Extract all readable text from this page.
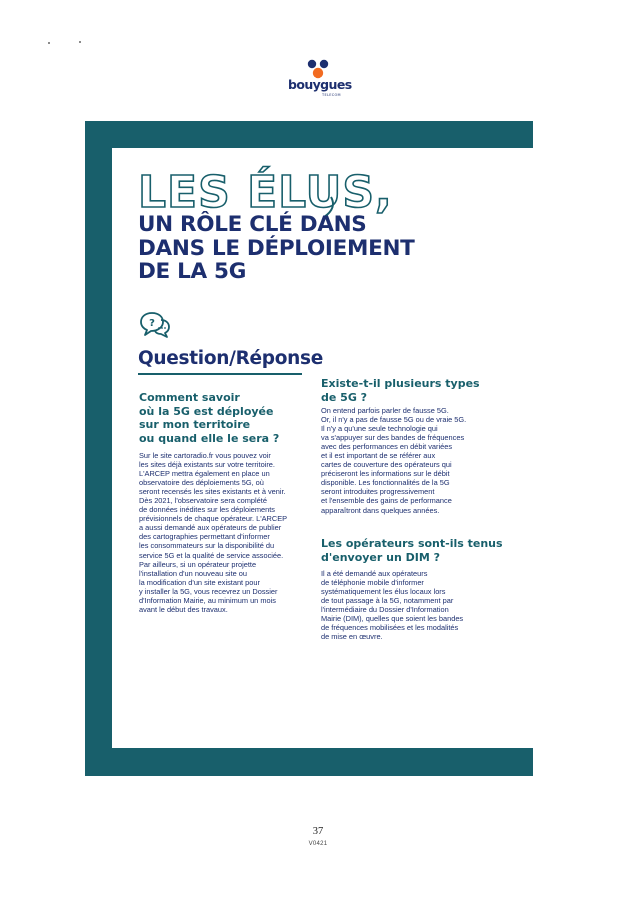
bouygues
TELECOM
LES ÉLUS,
UN RÔLE CLÉ DANS
DANS LE DÉPLOIEMENT
DE LA 5G
?
Question/Réponse
Comment savoir
où la 5G est déployée
sur mon territoire
ou quand elle le sera ?
Sur le site cartoradio.fr vous pouvez voir
les sites déjà existants sur votre territoire.
L'ARCEP mettra également en place un
observatoire des déploiements 5G, où
seront recensés les sites existants et à venir.
Dès 2021, l'observatoire sera complété
de données inédites sur les déploiements
prévisionnels de chaque opérateur. L'ARCEP
a aussi demandé aux opérateurs de publier
des cartographies permettant d'informer
les consommateurs sur la disponibilité du
service 5G et la qualité de service associée.
Par ailleurs, si un opérateur projette
l'installation d'un nouveau site ou
la modification d'un site existant pour
y installer la 5G, vous recevrez un Dossier
d'Information Mairie, au minimum un mois
avant le début des travaux.
Existe-t-il plusieurs types
de 5G ?
On entend parfois parler de fausse 5G.
Or, il n'y a pas de fausse 5G ou de vraie 5G.
Il n'y a qu'une seule technologie qui
va s'appuyer sur des bandes de fréquences
avec des performances en débit variées
et il est important de se référer aux
cartes de couverture des opérateurs qui
préciseront les informations sur le débit
disponible. Les fonctionnalités de la 5G
seront introduites progressivement
et l'ensemble des gains de performance
apparaîtront dans quelques années.
Les opérateurs sont-ils tenus
d'envoyer un DIM ?
Il a été demandé aux opérateurs
de téléphonie mobile d'informer
systématiquement les élus locaux lors
de tout passage à la 5G, notamment par
l'intermédiaire du Dossier d'Information
Mairie (DIM), quelles que soient les bandes
de fréquences mobilisées et les modalités
de mise en œuvre.
37
V0421
